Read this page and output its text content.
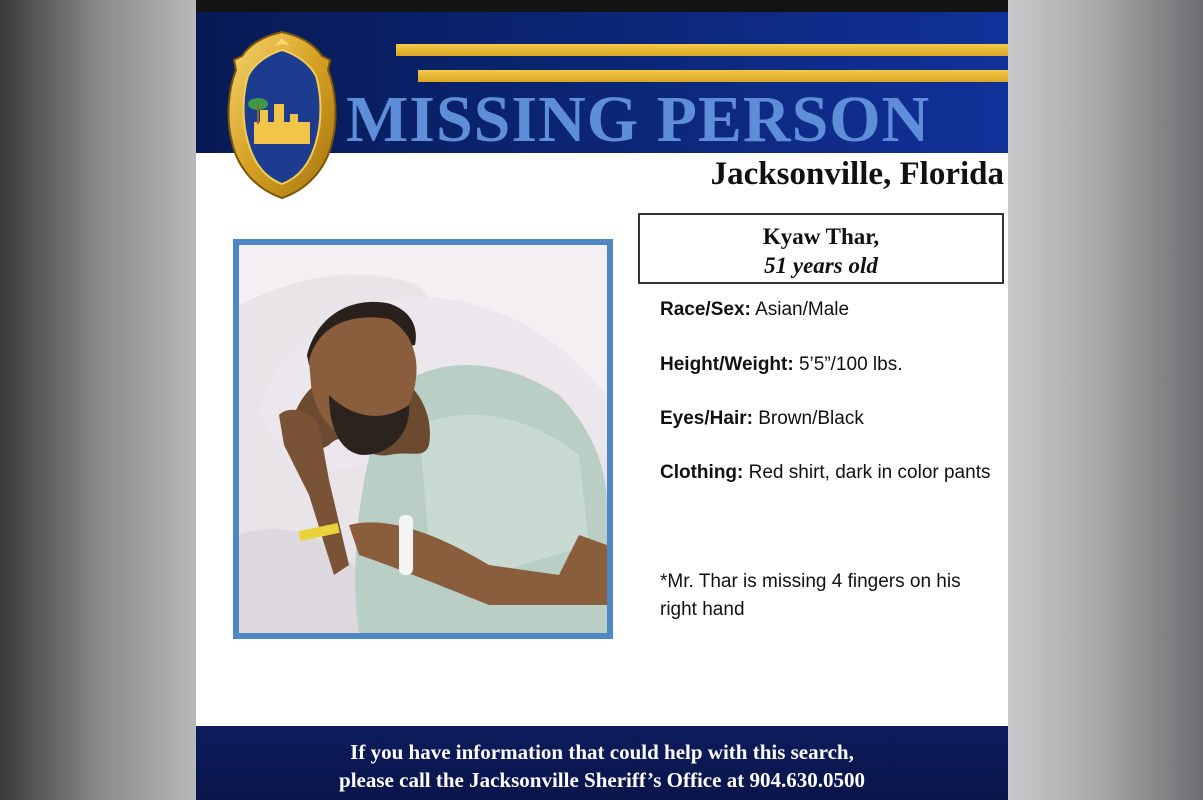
MISSING PERSON
Jacksonville, Florida
Kyaw Thar,
51 years old
Race/Sex: Asian/Male
Height/Weight: 5’5”/100 lbs.
Eyes/Hair: Brown/Black
Clothing: Red shirt, dark in color pants
*Mr. Thar is missing 4 fingers on his right hand
If you have information that could help with this search,
please call the Jacksonville Sheriff’s Office at 904.630.0500
